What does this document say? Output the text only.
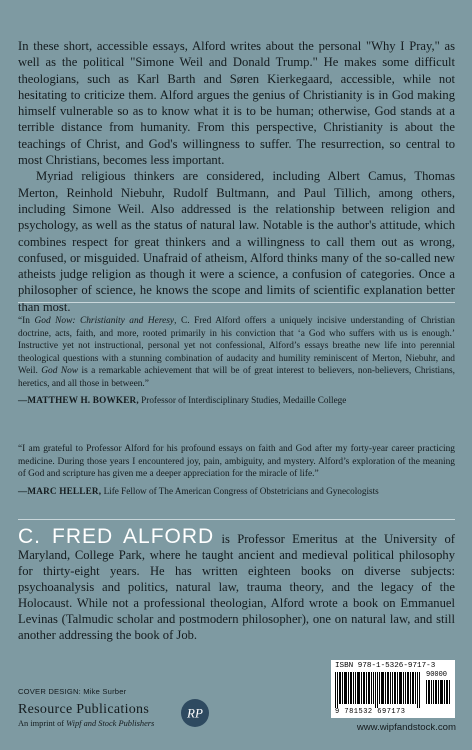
In these short, accessible essays, Alford writes about the personal "Why I Pray," as well as the political "Simone Weil and Donald Trump." He makes some difficult theologians, such as Karl Barth and Søren Kierkegaard, accessible, while not hesitating to criticize them. Alford argues the genius of Christianity is in God making himself vulnerable so as to know what it is to be human; otherwise, God stands at a terrible distance from humanity. From this perspective, Christianity is about the teachings of Christ, and God's willingness to suffer. The resurrection, so central to most Christians, becomes less important.

Myriad religious thinkers are considered, including Albert Camus, Thomas Merton, Reinhold Niebuhr, Rudolf Bultmann, and Paul Tillich, among others, including Simone Weil. Also addressed is the relationship between religion and psychology, as well as the status of natural law. Notable is the author's attitude, which combines respect for great thinkers and a willingness to call them out as wrong, confused, or misguided. Unafraid of atheism, Alford thinks many of the so-called new atheists judge religion as though it were a science, a confusion of categories. Once a philosopher of science, he knows the scope and limits of scientific explanation better than most.

“In God Now: Christianity and Heresy, C. Fred Alford offers a uniquely incisive understanding of Christian doctrine, acts, faith, and more, rooted primarily in his conviction that ‘a God who suffers with us is enough.’ Instructive yet not instructional, personal yet not confessional, Alford’s essays breathe new life into perennial theological questions with a stunning combination of audacity and humility reminiscent of Merton, Niebuhr, and Weil. God Now is a remarkable achievement that will be of great interest to believers, non-believers, Christians, heretics, and all those in between.”

—MATTHEW H. BOWKER, Professor of Interdisciplinary Studies, Medaille College

“I am grateful to Professor Alford for his profound essays on faith and God after my forty-year career practicing medicine. During those years I encountered joy, pain, ambiguity, and mystery. Alford’s exploration of the meaning of God and scripture has given me a deeper appreciation for the miracle of life.”

—MARC HELLER, Life Fellow of The American Congress of Obstetricians and Gynecologists
C. FRED ALFORD is Professor Emeritus at the University of Maryland, College Park, where he taught ancient and medieval political philosophy for thirty-eight years. He has written eighteen books on diverse subjects: psychoanalysis and politics, natural law, trauma theory, and the legacy of the Holocaust. While not a professional theologian, Alford wrote a book on Emmanuel Levinas (Talmudic scholar and postmodern philosopher), one on natural law, and still another addressing the book of Job.
COVER DESIGN: Mike Surber
Resource Publications
An imprint of Wipf and Stock Publishers
RP
ISBN 978-1-5326-9717-3
90000
9 781532 697173
www.wipfandstock.com
